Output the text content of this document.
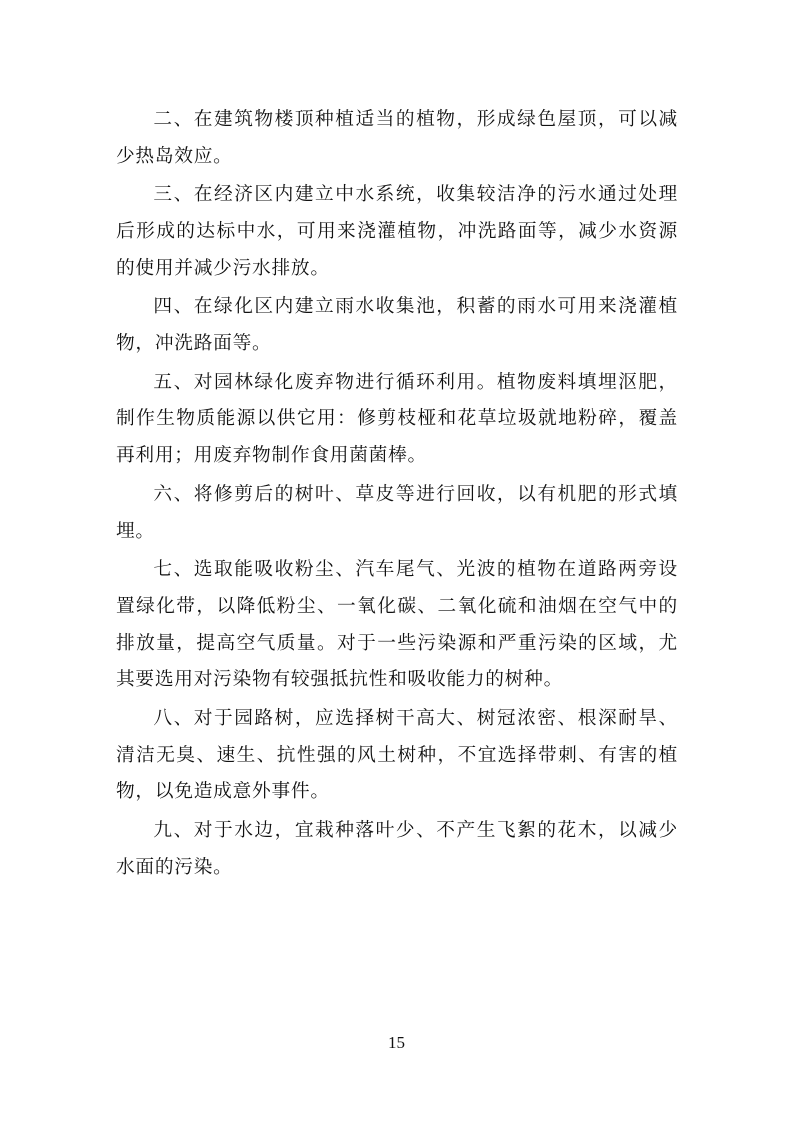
二、在建筑物楼顶种植适当的植物，形成绿色屋顶，可以减少热岛效应。

三、在经济区内建立中水系统，收集较洁净的污水通过处理后形成的达标中水，可用来浇灌植物，冲洗路面等，减少水资源的使用并减少污水排放。

四、在绿化区内建立雨水收集池，积蓄的雨水可用来浇灌植物，冲洗路面等。

五、对园林绿化废弃物进行循环利用。植物废料填埋沤肥，制作生物质能源以供它用：修剪枝桠和花草垃圾就地粉碎，覆盖再利用；用废弃物制作食用菌菌棒。

六、将修剪后的树叶、草皮等进行回收，以有机肥的形式填埋。

七、选取能吸收粉尘、汽车尾气、光波的植物在道路两旁设置绿化带，以降低粉尘、一氧化碳、二氧化硫和油烟在空气中的排放量，提高空气质量。对于一些污染源和严重污染的区域，尤其要选用对污染物有较强抵抗性和吸收能力的树种。

八、对于园路树，应选择树干高大、树冠浓密、根深耐旱、清洁无臭、速生、抗性强的风土树种，不宜选择带刺、有害的植物，以免造成意外事件。

九、对于水边，宜栽种落叶少、不产生飞絮的花木，以减少水面的污染。

15
